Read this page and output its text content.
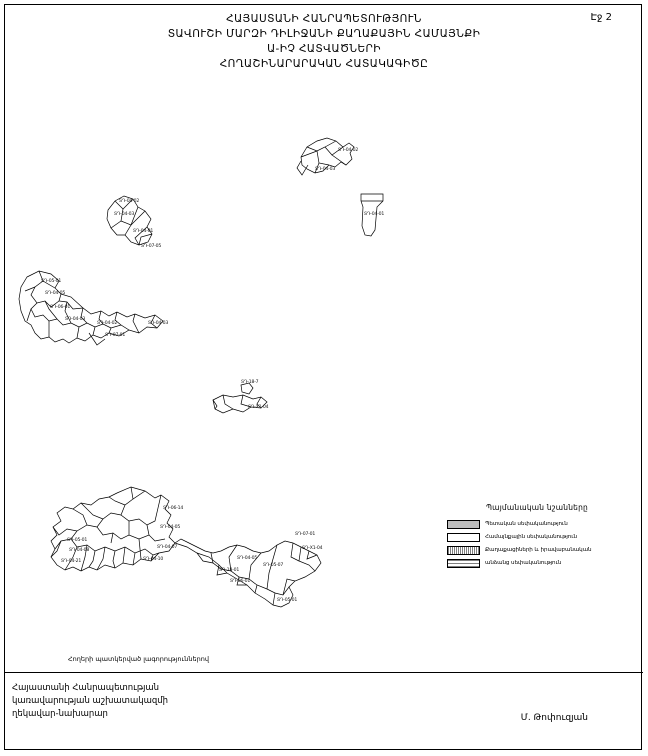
Էջ 2
ՀԱՅԱՍՏԱՆԻ ՀԱՆՐԱՊԵՏՈՒԹՅՈՒՆ
ՏԱՎՈՒՇԻ ՄԱՐԶԻ ԴԻԼԻՋԱՆԻ ՔԱՂԱՔԱՅԻՆ ՀԱՄԱՅՆՔԻ
Ա-ԻՉ ՀԱՏՎԱԾՆԵՐԻ
ՀՈՂԱՇԻՆԱՐԱՐԱԿԱՆ ՀԱՏԱԿԱԳԻԾԸ
ՏԴ-04-02
ՏԴ-04-03
ՏԴ-04-01
ՏԴ-04-02
ՏԴ-04-03
ՏԴ-04-01
ՏԴ-07-05
ՏԴ-05-01
ՏԴ-04-05
ՏԴ-06-01
ՏԴ-04-03
ՏԴ-04-02	ՏԴ-04-03
ՏԴ-07-01
ՏԴ-18-7
ՏԴ-X1-04
ՏԴ-06-14
ՏԴ-04-05
ՏԴ-04-07
ՏԴ-05-01
ՏԴ-04-08
ՏԴ-04-21	ՏԴ-04-10
ՏԴ-07-01
ՏԴ-X1-04
ՏԴ-04-05
ՏԴ-05-07
ՏԴ-18-01
ՏԴ-06-01
ՏԴ-05-01
Պայմանական նշանները
Պետական սեփականություն
Համայնքային սեփականություն
Քաղաքացիների և իրավաբանական
անձանց սեփականություն
Հողերի պատկերված լագորություններով
Հայաստանի Հանրապետության
կառավարության աշխատակազմի
ղեկավար-նախարար	Մ. Թոփուզյան
